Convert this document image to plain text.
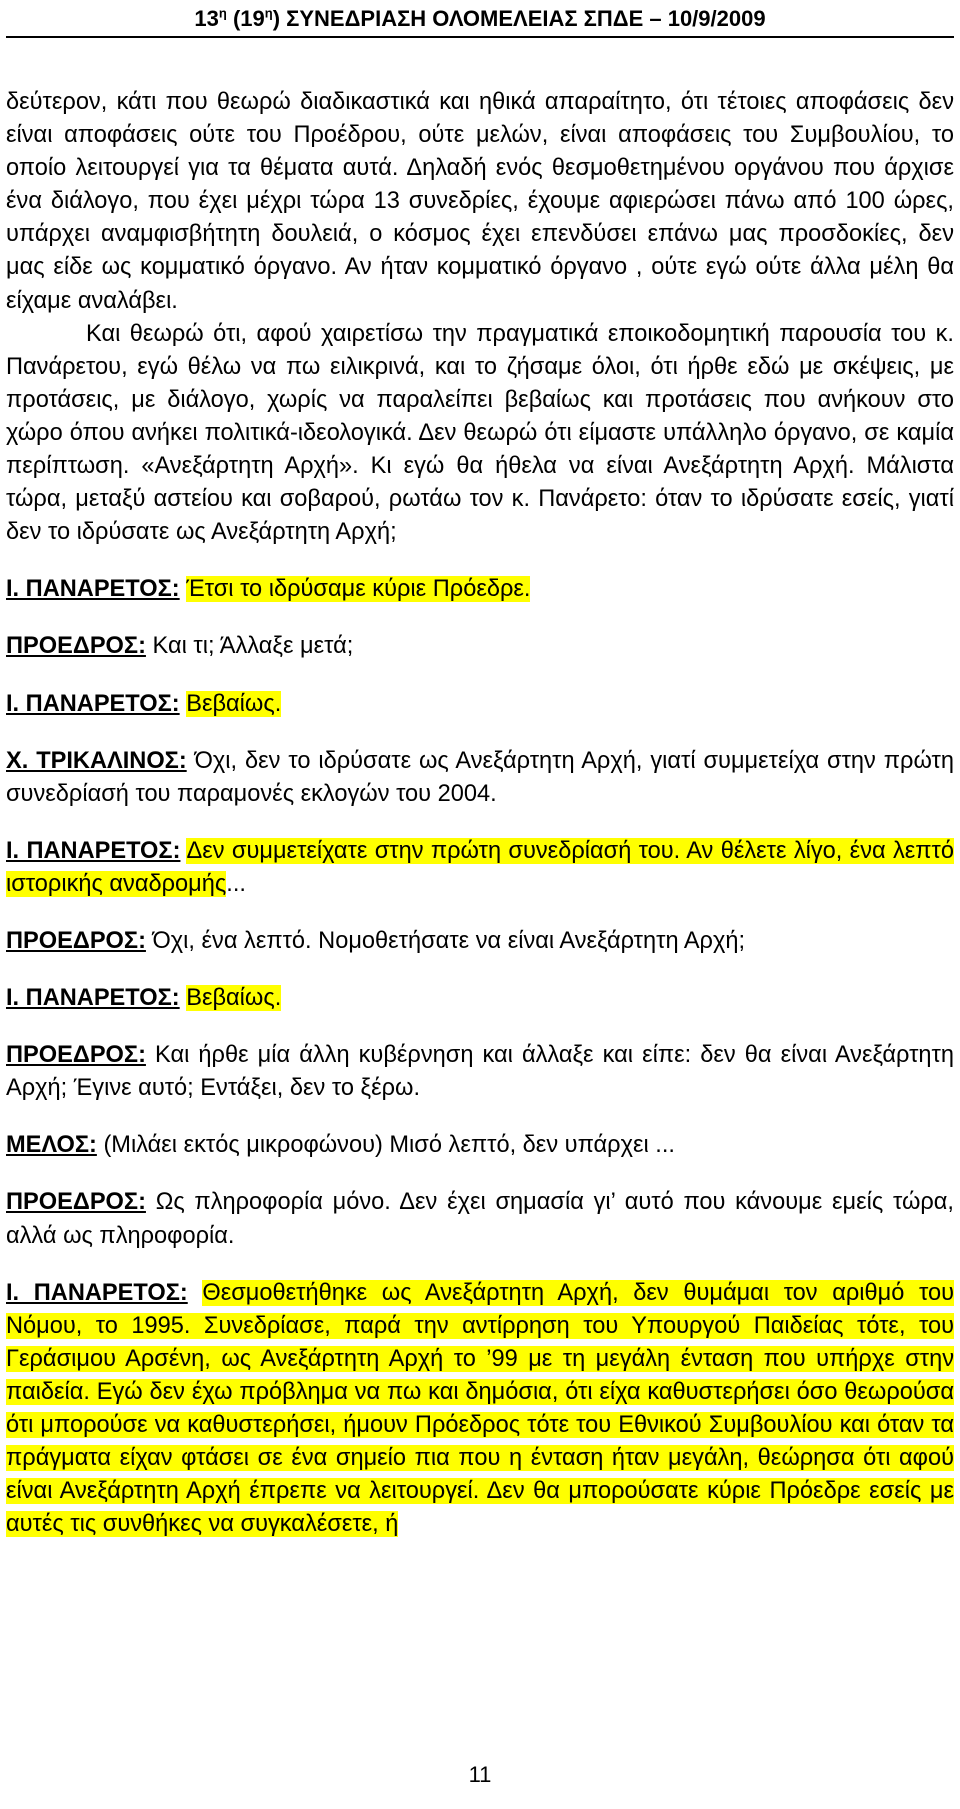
$13^\eta$ $(19^\eta)$ ΣΥΝΕΔΡΙΑΣΗ ΟΛΟΜΕΛΕΙΑΣ ΣΠΔΕ – 10/9/2009

δεύτερον, κάτι που θεωρώ διαδικαστικά και ηθικά απαραίτητο, ότι τέτοιες αποφάσεις δεν είναι αποφάσεις ούτε του Προέδρου, ούτε μελών, είναι αποφάσεις του Συμβουλίου, το οποίο λειτουργεί για τα θέματα αυτά. Δηλαδή ενός θεσμοθετημένου οργάνου που άρχισε ένα διάλογο, που έχει μέχρι τώρα 13 συνεδρίες, έχουμε αφιερώσει πάνω από 100 ώρες, υπάρχει αναμφισβήτητη δουλειά, ο κόσμος έχει επενδύσει επάνω μας προσδοκίες, δεν μας είδε ως κομματικό όργανο. Αν ήταν κομματικό όργανο , ούτε εγώ ούτε άλλα μέλη θα είχαμε αναλάβει.

Και θεωρώ ότι, αφού χαιρετίσω την πραγματικά εποικοδομητική παρουσία του κ. Πανάρετου, εγώ θέλω να πω ειλικρινά, και το ζήσαμε όλοι, ότι ήρθε εδώ με σκέψεις, με προτάσεις, με διάλογο, χωρίς να παραλείπει βεβαίως και προτάσεις που ανήκουν στο χώρο όπου ανήκει πολιτικά-ιδεολογικά. Δεν θεωρώ ότι είμαστε υπάλληλο όργανο, σε καμία περίπτωση. «Ανεξάρτητη Αρχή». Κι εγώ θα ήθελα να είναι Ανεξάρτητη Αρχή. Μάλιστα τώρα, μεταξύ αστείου και σοβαρού, ρωτάω τον κ. Πανάρετο: όταν το ιδρύσατε εσείς, γιατί δεν το ιδρύσατε ως Ανεξάρτητη Αρχή;

Ι. ΠΑΝΑΡΕΤΟΣ: Έτσι το ιδρύσαμε κύριε Πρόεδρε.

ΠΡΟΕΔΡΟΣ: Και τι; Άλλαξε μετά;

Ι. ΠΑΝΑΡΕΤΟΣ: Βεβαίως.

Χ. ΤΡΙΚΑΛΙΝΟΣ: Όχι, δεν το ιδρύσατε ως Ανεξάρτητη Αρχή, γιατί συμμετείχα στην πρώτη συνεδρίασή του παραμονές εκλογών του 2004.

Ι. ΠΑΝΑΡΕΤΟΣ: Δεν συμμετείχατε στην πρώτη συνεδρίασή του. Αν θέλετε λίγο, ένα λεπτό ιστορικής αναδρομής...

ΠΡΟΕΔΡΟΣ: Όχι, ένα λεπτό. Νομοθετήσατε να είναι Ανεξάρτητη Αρχή;

Ι. ΠΑΝΑΡΕΤΟΣ: Βεβαίως.

ΠΡΟΕΔΡΟΣ: Και ήρθε μία άλλη κυβέρνηση και άλλαξε και είπε: δεν θα είναι Ανεξάρτητη Αρχή; Έγινε αυτό; Εντάξει, δεν το ξέρω.

ΜΕΛΟΣ: (Μιλάει εκτός μικροφώνου) Μισό λεπτό, δεν υπάρχει ...

ΠΡΟΕΔΡΟΣ: Ως πληροφορία μόνο. Δεν έχει σημασία γι’ αυτό που κάνουμε εμείς τώρα, αλλά ως πληροφορία.

Ι. ΠΑΝΑΡΕΤΟΣ: Θεσμοθετήθηκε ως Ανεξάρτητη Αρχή, δεν θυμάμαι τον αριθμό του Νόμου, το 1995. Συνεδρίασε, παρά την αντίρρηση του Υπουργού Παιδείας τότε, του Γεράσιμου Αρσένη, ως Ανεξάρτητη Αρχή το ’99 με τη μεγάλη ένταση που υπήρχε στην παιδεία. Εγώ δεν έχω πρόβλημα να πω και δημόσια, ότι είχα καθυστερήσει όσο θεωρούσα ότι μπορούσε να καθυστερήσει, ήμουν Πρόεδρος τότε του Εθνικού Συμβουλίου και όταν τα πράγματα είχαν φτάσει σε ένα σημείο πια που η ένταση ήταν μεγάλη, θεώρησα ότι αφού είναι Ανεξάρτητη Αρχή έπρεπε να λειτουργεί. Δεν θα μπορούσατε κύριε Πρόεδρε εσείς με αυτές τις συνθήκες να συγκαλέσετε, ή

11
